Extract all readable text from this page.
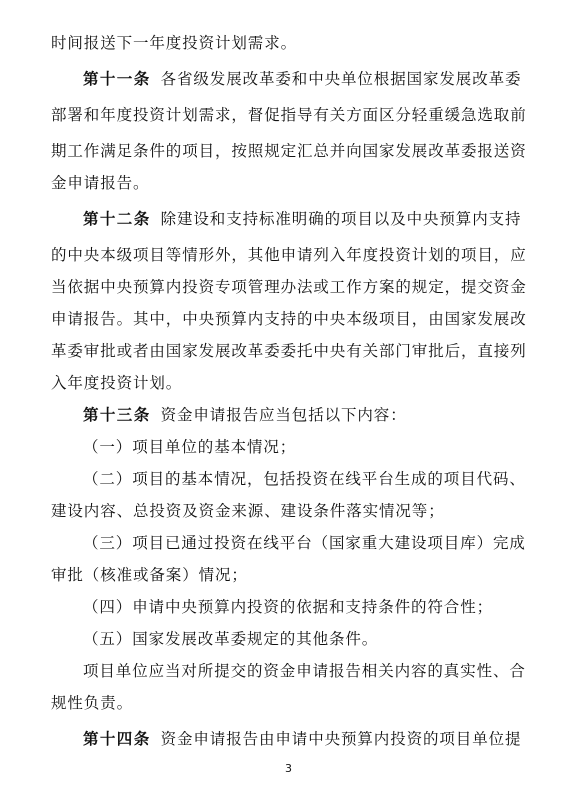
时间报送下一年度投资计划需求。
第十一条 各省级发展改革委和中央单位根据国家发展改革委
部署和年度投资计划需求，督促指导有关方面区分轻重缓急选取前
期工作满足条件的项目，按照规定汇总并向国家发展改革委报送资
金申请报告。
第十二条 除建设和支持标准明确的项目以及中央预算内支持
的中央本级项目等情形外，其他申请列入年度投资计划的项目，应
当依据中央预算内投资专项管理办法或工作方案的规定，提交资金
申请报告。其中，中央预算内支持的中央本级项目，由国家发展改
革委审批或者由国家发展改革委委托中央有关部门审批后，直接列
入年度投资计划。
第十三条 资金申请报告应当包括以下内容：
（一）项目单位的基本情况；
（二）项目的基本情况，包括投资在线平台生成的项目代码、
建设内容、总投资及资金来源、建设条件落实情况等；
（三）项目已通过投资在线平台（国家重大建设项目库）完成
审批（核准或备案）情况；
（四）申请中央预算内投资的依据和支持条件的符合性；
（五）国家发展改革委规定的其他条件。
项目单位应当对所提交的资金申请报告相关内容的真实性、合
规性负责。
第十四条 资金申请报告由申请中央预算内投资的项目单位提
3
